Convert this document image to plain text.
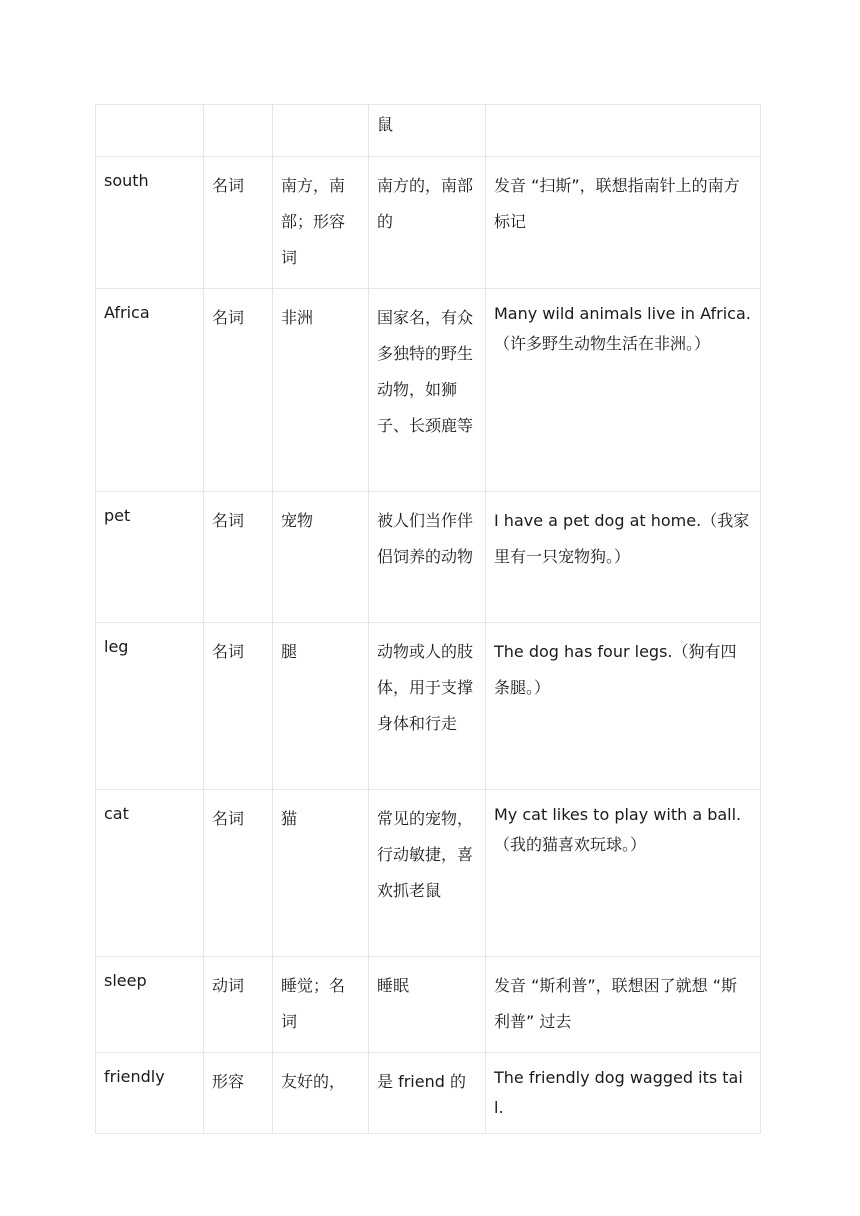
			鼠	
south	名词	南方，南部；形容词	南方的，南部的	发音 “扫斯”，联想指南针上的南方标记
Africa	名词	非洲	国家名，有众多独特的野生动物，如狮子、长颈鹿等	Many wild animals live in Africa.（许多野生动物生活在非洲。）
pet	名词	宠物	被人们当作伴侣饲养的动物	I have a pet dog at home.（我家里有一只宠物狗。）
leg	名词	腿	动物或人的肢体，用于支撑身体和行走	The dog has four legs.（狗有四条腿。）
cat	名词	猫	常见的宠物，行动敏捷，喜欢抓老鼠	My cat likes to play with a ball.（我的猫喜欢玩球。）
sleep	动词	睡觉；名词	睡眠	发音 “斯利普”，联想困了就想 “斯利普” 过去
friendly	形容	友好的，	是 friend 的	The friendly dog wagged its tail.
